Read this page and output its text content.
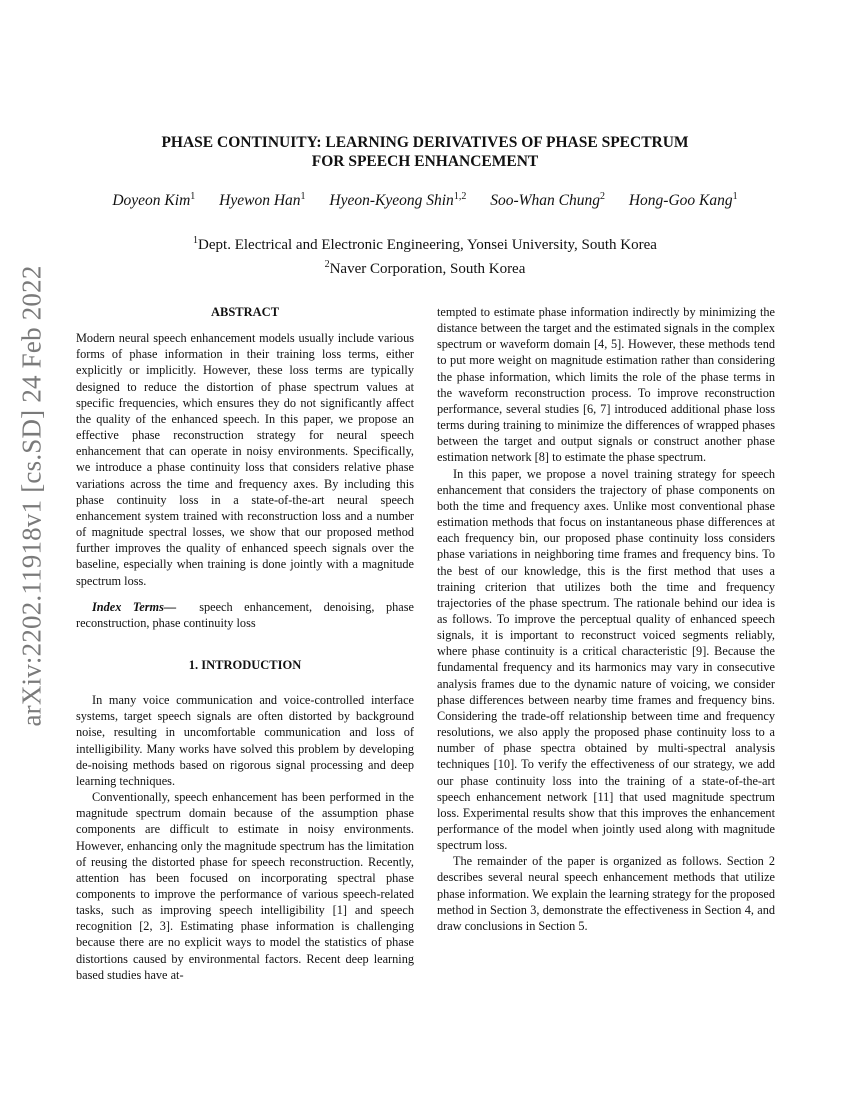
arXiv:2202.11918v1 [cs.SD] 24 Feb 2022
PHASE CONTINUITY: LEARNING DERIVATIVES OF PHASE SPECTRUM
FOR SPEECH ENHANCEMENT
Doyeon Kim$^1$ Hyewon Han$^1$ Hyeon-Kyeong Shin$^{1,2}$ Soo-Whan Chung$^2$ Hong-Goo Kang$^1$
$^1$Dept. Electrical and Electronic Engineering, Yonsei University, South Korea
$^2$Naver Corporation, South Korea
ABSTRACT

Modern neural speech enhancement models usually include various forms of phase information in their training loss terms, either explicitly or implicitly. However, these loss terms are typically designed to reduce the distortion of phase spectrum values at specific frequencies, which ensures they do not significantly affect the quality of the enhanced speech. In this paper, we propose an effective phase reconstruction strategy for neural speech enhancement that can operate in noisy environments. Specifically, we introduce a phase continuity loss that considers relative phase variations across the time and frequency axes. By including this phase continuity loss in a state-of-the-art neural speech enhancement system trained with reconstruction loss and a number of magnitude spectral losses, we show that our proposed method further improves the quality of enhanced speech signals over the baseline, especially when training is done jointly with a magnitude spectrum loss.

Index Terms— speech enhancement, denoising, phase reconstruction, phase continuity loss

1. INTRODUCTION

In many voice communication and voice-controlled interface systems, target speech signals are often distorted by background noise, resulting in uncomfortable communication and loss of intelligibility. Many works have solved this problem by developing de-noising methods based on rigorous signal processing and deep learning techniques.

Conventionally, speech enhancement has been performed in the magnitude spectrum domain because of the assumption phase components are difficult to estimate in noisy environments. However, enhancing only the magnitude spectrum has the limitation of reusing the distorted phase for speech reconstruction. Recently, attention has been focused on incorporating spectral phase components to improve the performance of various speech-related tasks, such as improving speech intelligibility [1] and speech recognition [2, 3]. Estimating phase information is challenging because there are no explicit ways to model the statistics of phase distortions caused by environmental factors. Recent deep learning based studies have at-

tempted to estimate phase information indirectly by minimizing the distance between the target and the estimated signals in the complex spectrum or waveform domain [4, 5]. However, these methods tend to put more weight on magnitude estimation rather than considering the phase information, which limits the role of the phase terms in the waveform reconstruction process. To improve reconstruction performance, several studies [6, 7] introduced additional phase loss terms during training to minimize the differences of wrapped phases between the target and output signals or construct another phase estimation network [8] to estimate the phase spectrum.

In this paper, we propose a novel training strategy for speech enhancement that considers the trajectory of phase components on both the time and frequency axes. Unlike most conventional phase estimation methods that focus on instantaneous phase differences at each frequency bin, our proposed phase continuity loss considers phase variations in neighboring time frames and frequency bins. To the best of our knowledge, this is the first method that uses a training criterion that utilizes both the time and frequency trajectories of the phase spectrum. The rationale behind our idea is as follows. To improve the perceptual quality of enhanced speech signals, it is important to reconstruct voiced segments reliably, where phase continuity is a critical characteristic [9]. Because the fundamental frequency and its harmonics may vary in consecutive analysis frames due to the dynamic nature of voicing, we consider phase differences between nearby time frames and frequency bins. Considering the trade-off relationship between time and frequency resolutions, we also apply the proposed phase continuity loss to a number of phase spectra obtained by multi-spectral analysis techniques [10]. To verify the effectiveness of our strategy, we add our phase continuity loss into the training of a state-of-the-art speech enhancement network [11] that used magnitude spectrum loss. Experimental results show that this improves the enhancement performance of the model when jointly used along with magnitude spectrum loss.

The remainder of the paper is organized as follows. Section 2 describes several neural speech enhancement methods that utilize phase information. We explain the learning strategy for the proposed method in Section 3, demonstrate the effectiveness in Section 4, and draw conclusions in Section 5.
